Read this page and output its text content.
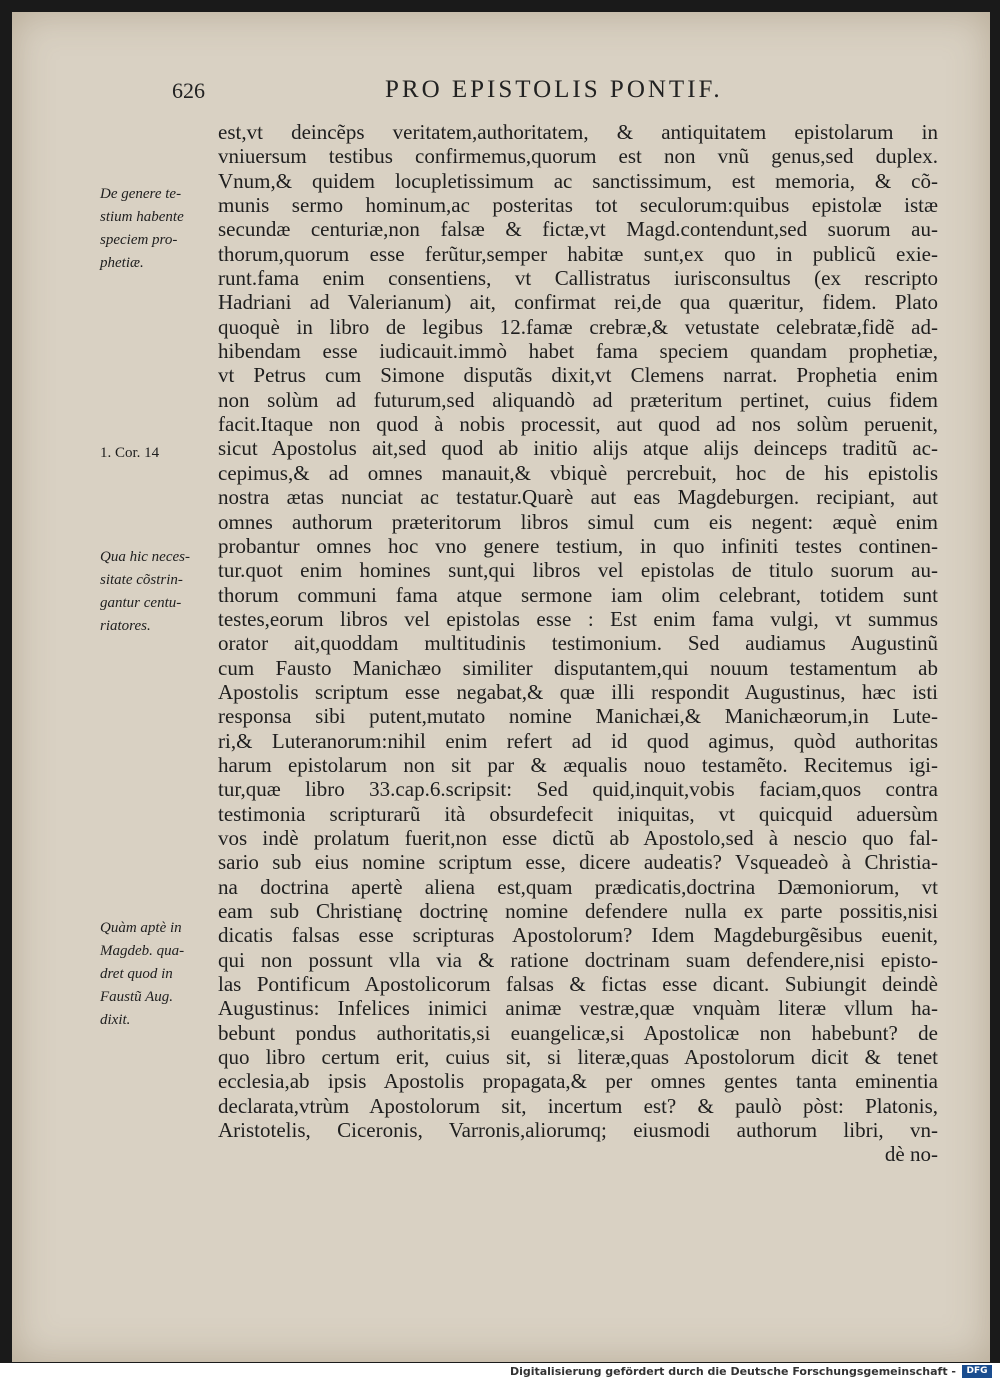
626	PRO EPISTOLIS PONTIF.
est,vt deincẽps veritatem,authoritatem, & antiquitatem epistolarum in
vniuersum testibus confirmemus,quorum est non vnũ genus,sed duplex.
Vnum,& quidem locupletissimum ac sanctissimum, est memoria, & cõ-
munis sermo hominum,ac posteritas tot seculorum:quibus epistolæ istæ
secundæ centuriæ,non falsæ & fictæ,vt Magd.contendunt,sed suorum au-
thorum,quorum esse ferũtur,semper habitæ sunt,ex quo in publicũ exie-
runt.fama enim consentiens, vt Callistratus iurisconsultus (ex rescripto
Hadriani ad Valerianum) ait, confirmat rei,de qua quæritur, fidem. Plato
quoquè in libro de legibus 12.famæ crebræ,& vetustate celebratæ,fidẽ ad-
hibendam esse iudicauit.immò habet fama speciem quandam prophetiæ,
vt Petrus cum Simone disputãs dixit,vt Clemens narrat. Prophetia enim
non solùm ad futurum,sed aliquandò ad præteritum pertinet, cuius fidem
facit.Itaque non quod à nobis processit, aut quod ad nos solùm peruenit,
sicut Apostolus ait,sed quod ab initio alijs atque alijs deinceps traditũ ac-
cepimus,& ad omnes manauit,& vbiquè percrebuit, hoc de his epistolis
nostra ætas nunciat ac testatur.Quarè aut eas Magdeburgen. recipiant, aut
omnes authorum præteritorum libros simul cum eis negent: æquè enim
probantur omnes hoc vno genere testium, in quo infiniti testes continen-
tur.quot enim homines sunt,qui libros vel epistolas de titulo suorum au-
thorum communi fama atque sermone iam olim celebrant, totidem sunt
testes,eorum libros vel epistolas esse : Est enim fama vulgi, vt summus
orator ait,quoddam multitudinis testimonium. Sed audiamus Augustinũ
cum Fausto Manichæo similiter disputantem,qui nouum testamentum ab
Apostolis scriptum esse negabat,& quæ illi respondit Augustinus, hæc isti
responsa sibi putent,mutato nomine Manichæi,& Manichæorum,in Lute-
ri,& Luteranorum:nihil enim refert ad id quod agimus, quòd authoritas
harum epistolarum non sit par & æqualis nouo testamẽto. Recitemus igi-
tur,quæ libro 33.cap.6.scripsit: Sed quid,inquit,vobis faciam,quos contra
testimonia scripturarũ ità obsurdefecit iniquitas, vt quicquid aduersùm
vos indè prolatum fuerit,non esse dictũ ab Apostolo,sed à nescio quo fal-
sario sub eius nomine scriptum esse, dicere audeatis? Vsqueadeò à Christia-
na doctrina apertè aliena est,quam prædicatis,doctrina Dæmoniorum, vt
eam sub Christianę doctrinę nomine defendere nulla ex parte possitis,nisi
dicatis falsas esse scripturas Apostolorum? Idem Magdeburgẽsibus euenit,
qui non possunt vlla via & ratione doctrinam suam defendere,nisi episto-
las Pontificum Apostolicorum falsas & fictas esse dicant. Subiungit deindè
Augustinus: Infelices inimici animæ vestræ,quæ vnquàm literæ vllum ha-
bebunt pondus authoritatis,si euangelicæ,si Apostolicæ non habebunt? de
quo libro certum erit, cuius sit, si literæ,quas Apostolorum dicit & tenet
ecclesia,ab ipsis Apostolis propagata,& per omnes gentes tanta eminentia
declarata,vtrùm Apostolorum sit, incertum est? & paulò pòst: Platonis,
Aristotelis, Ciceronis, Varronis,aliorumq; eiusmodi authorum libri, vn-
dè no-
De genere te-
stium habente
speciem pro-
phetiæ.
1. Cor. 14
Qua hic neces-
sitate cõstrin-
gantur centu-
riatores.
Quàm aptè in
Magdeb. qua-
dret quod in
Faustũ Aug.
dixit.
Digitalisierung gefördert durch die Deutsche Forschungsgemeinschaft -	DFG
